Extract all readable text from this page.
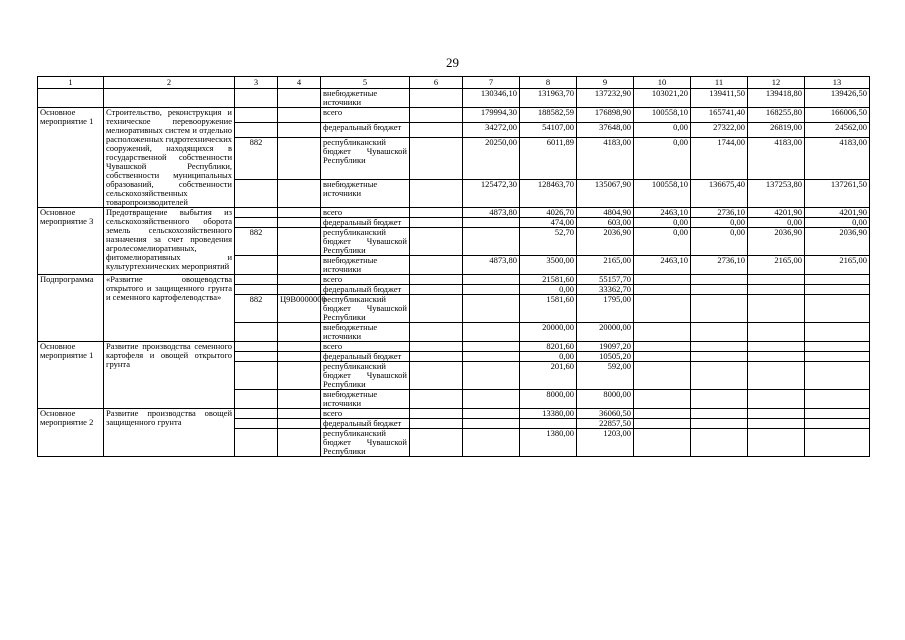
29
1	2	3	4	5	6	7	8	9	10	11	12	13
				внебюджетные источники		130346,10	131963,70	137232,90	103021,20	139411,50	139418,80	139426,50
Основное мероприятие 1	Строительство, реконструкция и техническое перевооружение мелиоративных систем и отдельно расположенных гидротехнических сооружений, находящихся в государственной собственности Чувашской Республики, собственности муниципальных образований, собственности сельскохозяйственных товаропроизводителей			всего		179994,30	188582,59	176898,90	100558,10	165741,40	168255,80	166006,50
				федеральный бюджет		34272,00	54107,00	37648,00	0,00	27322,00	26819,00	24562,00
		882		республиканский бюджет Чувашской Республики		20250,00	6011,89	4183,00	0,00	1744,00	4183,00	4183,00
				внебюджетные источники		125472,30	128463,70	135067,90	100558,10	136675,40	137253,80	137261,50
Основное мероприятие 3	Предотвращение выбытия из сельскохозяйственного оборота земель сельскохозяйственного назначения за счет проведения агролесомелиоративных, фитомелиоративных и культуртехнических мероприятий			всего		4873,80	4026,70	4804,90	2463,10	2736,10	4201,90	4201,90
				федеральный бюджет			474,00	603,00	0,00	0,00	0,00	0,00
		882		республиканский бюджет Чувашской Республики			52,70	2036,90	0,00	0,00	2036,90	2036,90
				внебюджетные источники		4873,80	3500,00	2165,00	2463,10	2736,10	2165,00	2165,00
Подпрограмма	«Развитие овощеводства открытого и защищенного грунта и семенного картофелеводства»			всего			21581,60	55157,70				
				федеральный бюджет			0,00	33362,70				
		882	Ц9В0000000	республиканский бюджет Чувашской Республики			1581,60	1795,00				
				внебюджетные источники			20000,00	20000,00				
Основное мероприятие 1	Развитие производства семенного картофеля и овощей открытого грунта			всего			8201,60	19097,20				
				федеральный бюджет			0,00	10505,20				
				республиканский бюджет Чувашской Республики			201,60	592,00				
				внебюджетные источники			8000,00	8000,00				
Основное мероприятие 2	Развитие производства овощей защищенного грунта			всего			13380,00	36060,50				
				федеральный бюджет				22857,50				
				республиканский бюджет Чувашской Республики			1380,00	1203,00				
